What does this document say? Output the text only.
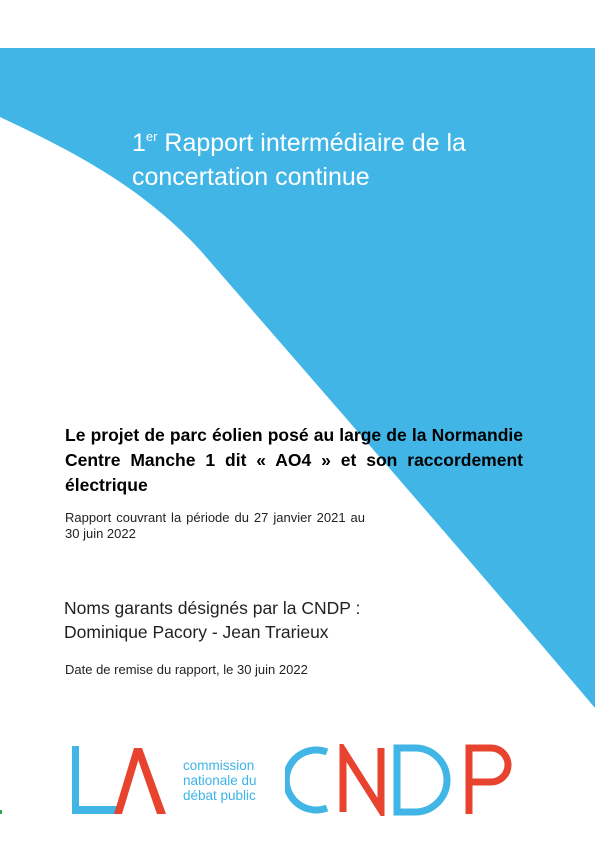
1er Rapport intermédiaire de la
concertation continue

Le projet de parc éolien posé au large de la Normandie Centre Manche 1 dit « AO4 » et son raccordement électrique

Rapport couvrant la période du 27 janvier 2021 au 30 juin 2022

Noms garants désignés par la CNDP :
Dominique Pacory - Jean Trarieux

Date de remise du rapport, le 30 juin 2022

commission
nationale du
débat public
